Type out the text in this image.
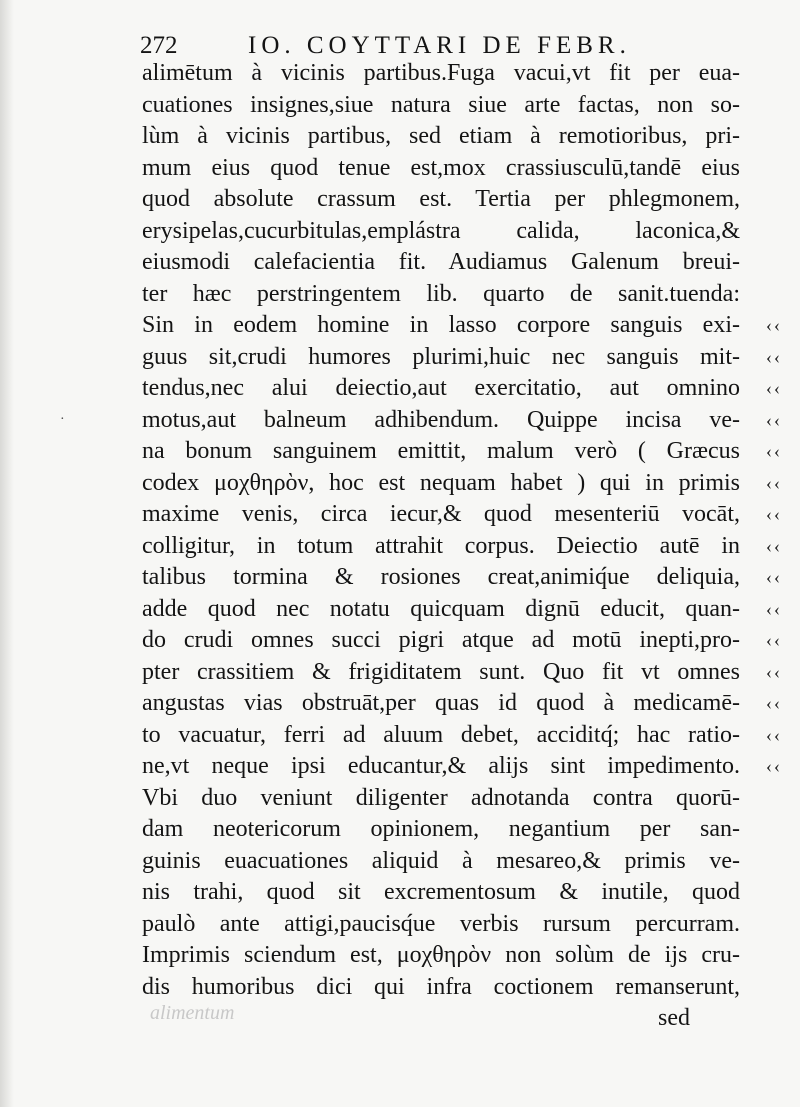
272	IO. COYTTARI DE FEBR.
·
alimētum à vicinis partibus.Fuga vacui,vt fit per eua-
cuationes insignes,siue natura siue arte factas, non so-
lùm à vicinis partibus, sed etiam à remotioribus, pri-
mum eius quod tenue est,mox crassiusculū,tandē eius
quod absolute crassum est. Tertia per phlegmonem,
erysipelas,cucurbitulas,emplástra calida, laconica,&
eiusmodi calefacientia fit. Audiamus Galenum breui-
ter hæc perstringentem lib. quarto de sanit.tuenda:
Sin in eodem homine in lasso corpore sanguis exi- ‹‹
guus sit,crudi humores plurimi,huic nec sanguis mit- ‹‹
tendus,nec alui deiectio,aut exercitatio, aut omnino ‹‹
motus,aut balneum adhibendum. Quippe incisa ve- ‹‹
na bonum sanguinem emittit, malum verò ( Græcus ‹‹
codex μοχθηρὸν, hoc est nequam habet ) qui in primis ‹‹
maxime venis, circa iecur,& quod mesenteriū vocāt, ‹‹
colligitur, in totum attrahit corpus. Deiectio autē in ‹‹
talibus tormina & rosiones creat,animiq́ue deliquia, ‹‹
adde quod nec notatu quicquam dignū educit, quan- ‹‹
do crudi omnes succi pigri atque ad motū inepti,pro- ‹‹
pter crassitiem & frigiditatem sunt. Quo fit vt omnes ‹‹
angustas vias obstruāt,per quas id quod à medicamē- ‹‹
to vacuatur, ferri ad aluum debet, acciditq́; hac ratio- ‹‹
ne,vt neque ipsi educantur,& alijs sint impedimento. ‹‹
Vbi duo veniunt diligenter adnotanda contra quorū-
dam neotericorum opinionem, negantium per san-
guinis euacuationes aliquid à mesareo,& primis ve-
nis trahi, quod sit excrementosum & inutile, quod
paulò ante attigi,paucisq́ue verbis rursum percurram.
Imprimis sciendum est, μοχθηρὸν non solùm de ijs cru-
dis humoribus dici qui infra coctionem remanserunt,
sed
alimentum
